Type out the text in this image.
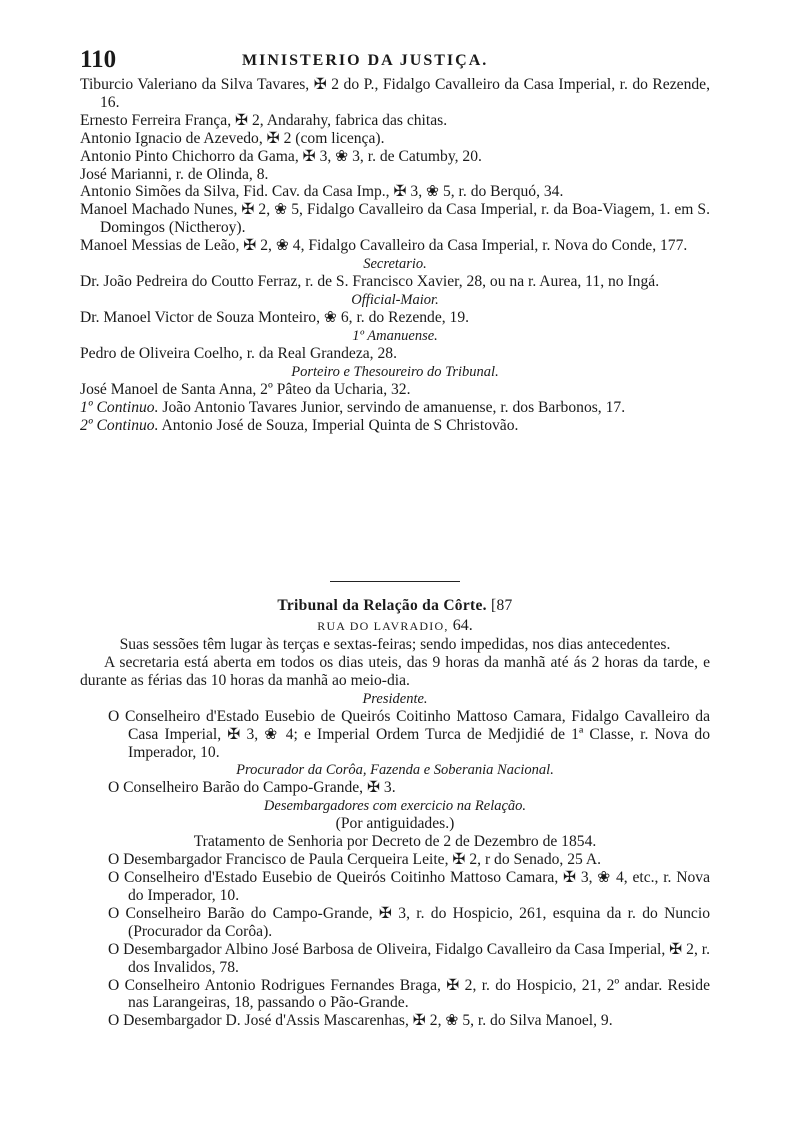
110	MINISTERIO DA JUSTIÇA.

Tiburcio Valeriano da Silva Tavares, ✠ 2 do P., Fidalgo Cavalleiro da Casa Imperial, r. do Rezende, 16.

Ernesto Ferreira França, ✠ 2, Andarahy, fabrica das chitas.

Antonio Ignacio de Azevedo, ✠ 2 (com licença).

Antonio Pinto Chichorro da Gama, ✠ 3, ❀ 3, r. de Catumby, 20.

José Marianni, r. de Olinda, 8.

Antonio Simões da Silva, Fid. Cav. da Casa Imp., ✠ 3, ❀ 5, r. do Berquó, 34.

Manoel Machado Nunes, ✠ 2, ❀ 5, Fidalgo Cavalleiro da Casa Imperial, r. da Boa-Viagem, 1. em S. Domingos (Nictheroy).

Manoel Messias de Leão, ✠ 2, ❀ 4, Fidalgo Cavalleiro da Casa Imperial, r. Nova do Conde, 177.

Secretario.

Dr. João Pedreira do Coutto Ferraz, r. de S. Francisco Xavier, 28, ou na r. Aurea, 11, no Ingá.

Official-Maior.

Dr. Manoel Victor de Souza Monteiro, ❀ 6, r. do Rezende, 19.

1º Amanuense.

Pedro de Oliveira Coelho, r. da Real Grandeza, 28.

Porteiro e Thesoureiro do Tribunal.

José Manoel de Santa Anna, 2º Pâteo da Ucharia, 32.

1º Continuo. João Antonio Tavares Junior, servindo de amanuense, r. dos Barbonos, 17.

2º Continuo. Antonio José de Souza, Imperial Quinta de S Christovão.

Tribunal da Relação da Côrte. [87
RUA DO LAVRADIO, 64.

Suas sessões têm lugar às terças e sextas-feiras; sendo impedidas, nos dias antecedentes.

A secretaria está aberta em todos os dias uteis, das 9 horas da manhã até ás 2 horas da tarde, e durante as férias das 10 horas da manhã ao meio-dia.

Presidente.

O Conselheiro d'Estado Eusebio de Queirós Coitinho Mattoso Camara, Fidalgo Cavalleiro da Casa Imperial, ✠ 3, ❀ 4; e Imperial Ordem Turca de Medjidié de 1ª Classe, r. Nova do Imperador, 10.

Procurador da Corôa, Fazenda e Soberania Nacional.

O Conselheiro Barão do Campo-Grande, ✠ 3.

Desembargadores com exercicio na Relação.

(Por antiguidades.)

Tratamento de Senhoria por Decreto de 2 de Dezembro de 1854.

O Desembargador Francisco de Paula Cerqueira Leite, ✠ 2, r do Senado, 25 A.

O Conselheiro d'Estado Eusebio de Queirós Coitinho Mattoso Camara, ✠ 3, ❀ 4, etc., r. Nova do Imperador, 10.

O Conselheiro Barão do Campo-Grande, ✠ 3, r. do Hospicio, 261, esquina da r. do Nuncio (Procurador da Corôa).

O Desembargador Albino José Barbosa de Oliveira, Fidalgo Cavalleiro da Casa Imperial, ✠ 2, r. dos Invalidos, 78.

O Conselheiro Antonio Rodrigues Fernandes Braga, ✠ 2, r. do Hospicio, 21, 2º andar. Reside nas Larangeiras, 18, passando o Pão-Grande.

O Desembargador D. José d'Assis Mascarenhas, ✠ 2, ❀ 5, r. do Silva Manoel, 9.
